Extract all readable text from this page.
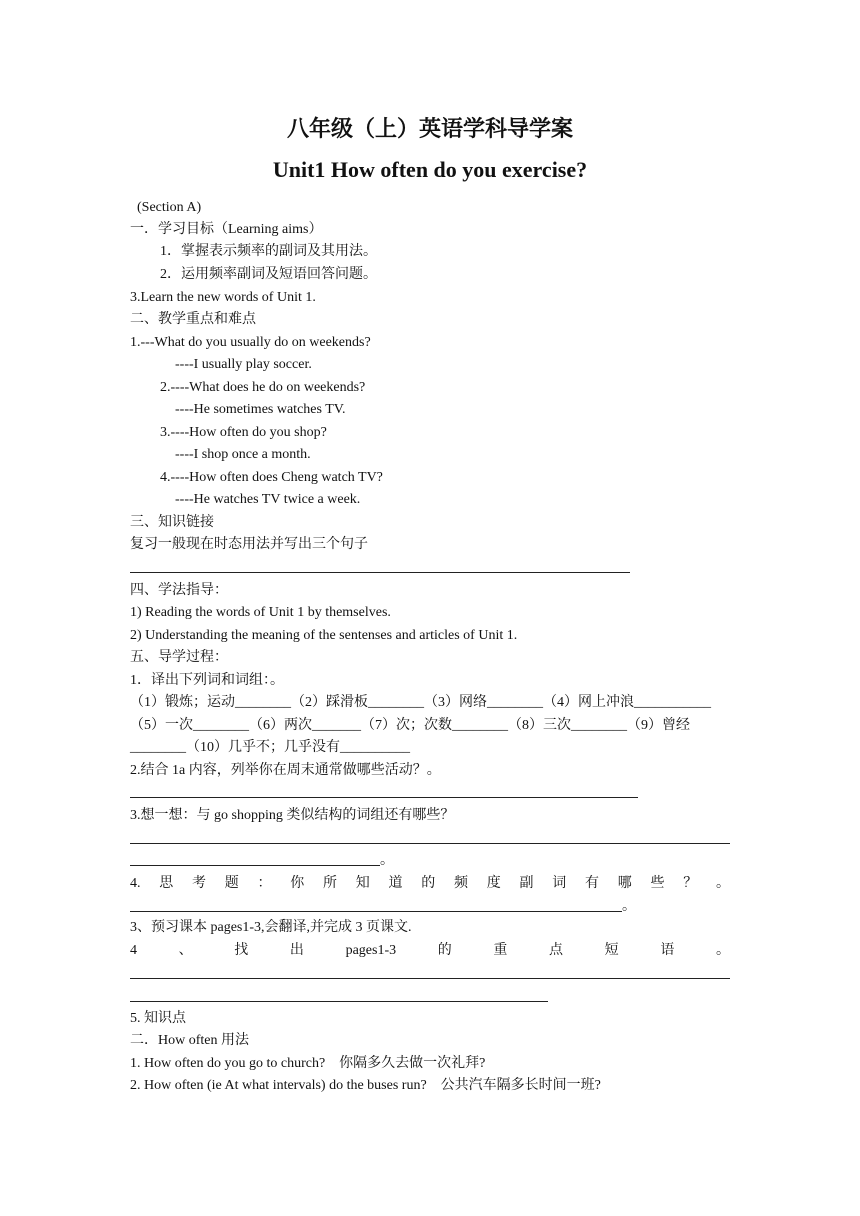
八年级（上）英语学科导学案
Unit1 How often do you exercise?
(Section A)
一．学习目标（Learning aims）
1．掌握表示频率的副词及其用法。
2．运用频率副词及短语回答问题。
3.Learn the new words of Unit 1.
二、教学重点和难点
1.---What do you usually do on weekends?
----I usually play soccer.
2.----What does he do on weekends?
----He sometimes watches TV.
3.----How often do you shop?
----I shop once a month.
4.----How often does Cheng watch TV?
----He watches TV twice a week.
三、知识链接
复习一般现在时态用法并写出三个句子
四、学法指导：
1) Reading the words of Unit 1 by themselves.
2) Understanding the meaning of the sentenses and articles of Unit 1.
五、导学过程：
1．译出下列词和词组：。
（1）锻炼；运动________（2）踩滑板________（3）网络________（4）网上冲浪___________
（5）一次________（6）两次_______（7）次；次数________（8）三次________（9）曾经
________（10）几乎不；几乎没有__________
2.结合 1a 内容，列举你在周末通常做哪些活动？。
3.想一想：与 go shopping 类似结构的词组还有哪些？
。
4. 思 考 题 ： 你 所 知 道 的 频 度 副 词 有 哪 些 ？ 。
。
3、预习课本 pages1-3,会翻译,并完成 3 页课文.
4	、	找	出	pages1-3	的	重	点	短	语	。
5. 知识点
二．How often 用法
1. How often do you go to church?　你隔多久去做一次礼拜?
2. How often (ie At what intervals) do the buses run?　公共汽车隔多长时间一班?
